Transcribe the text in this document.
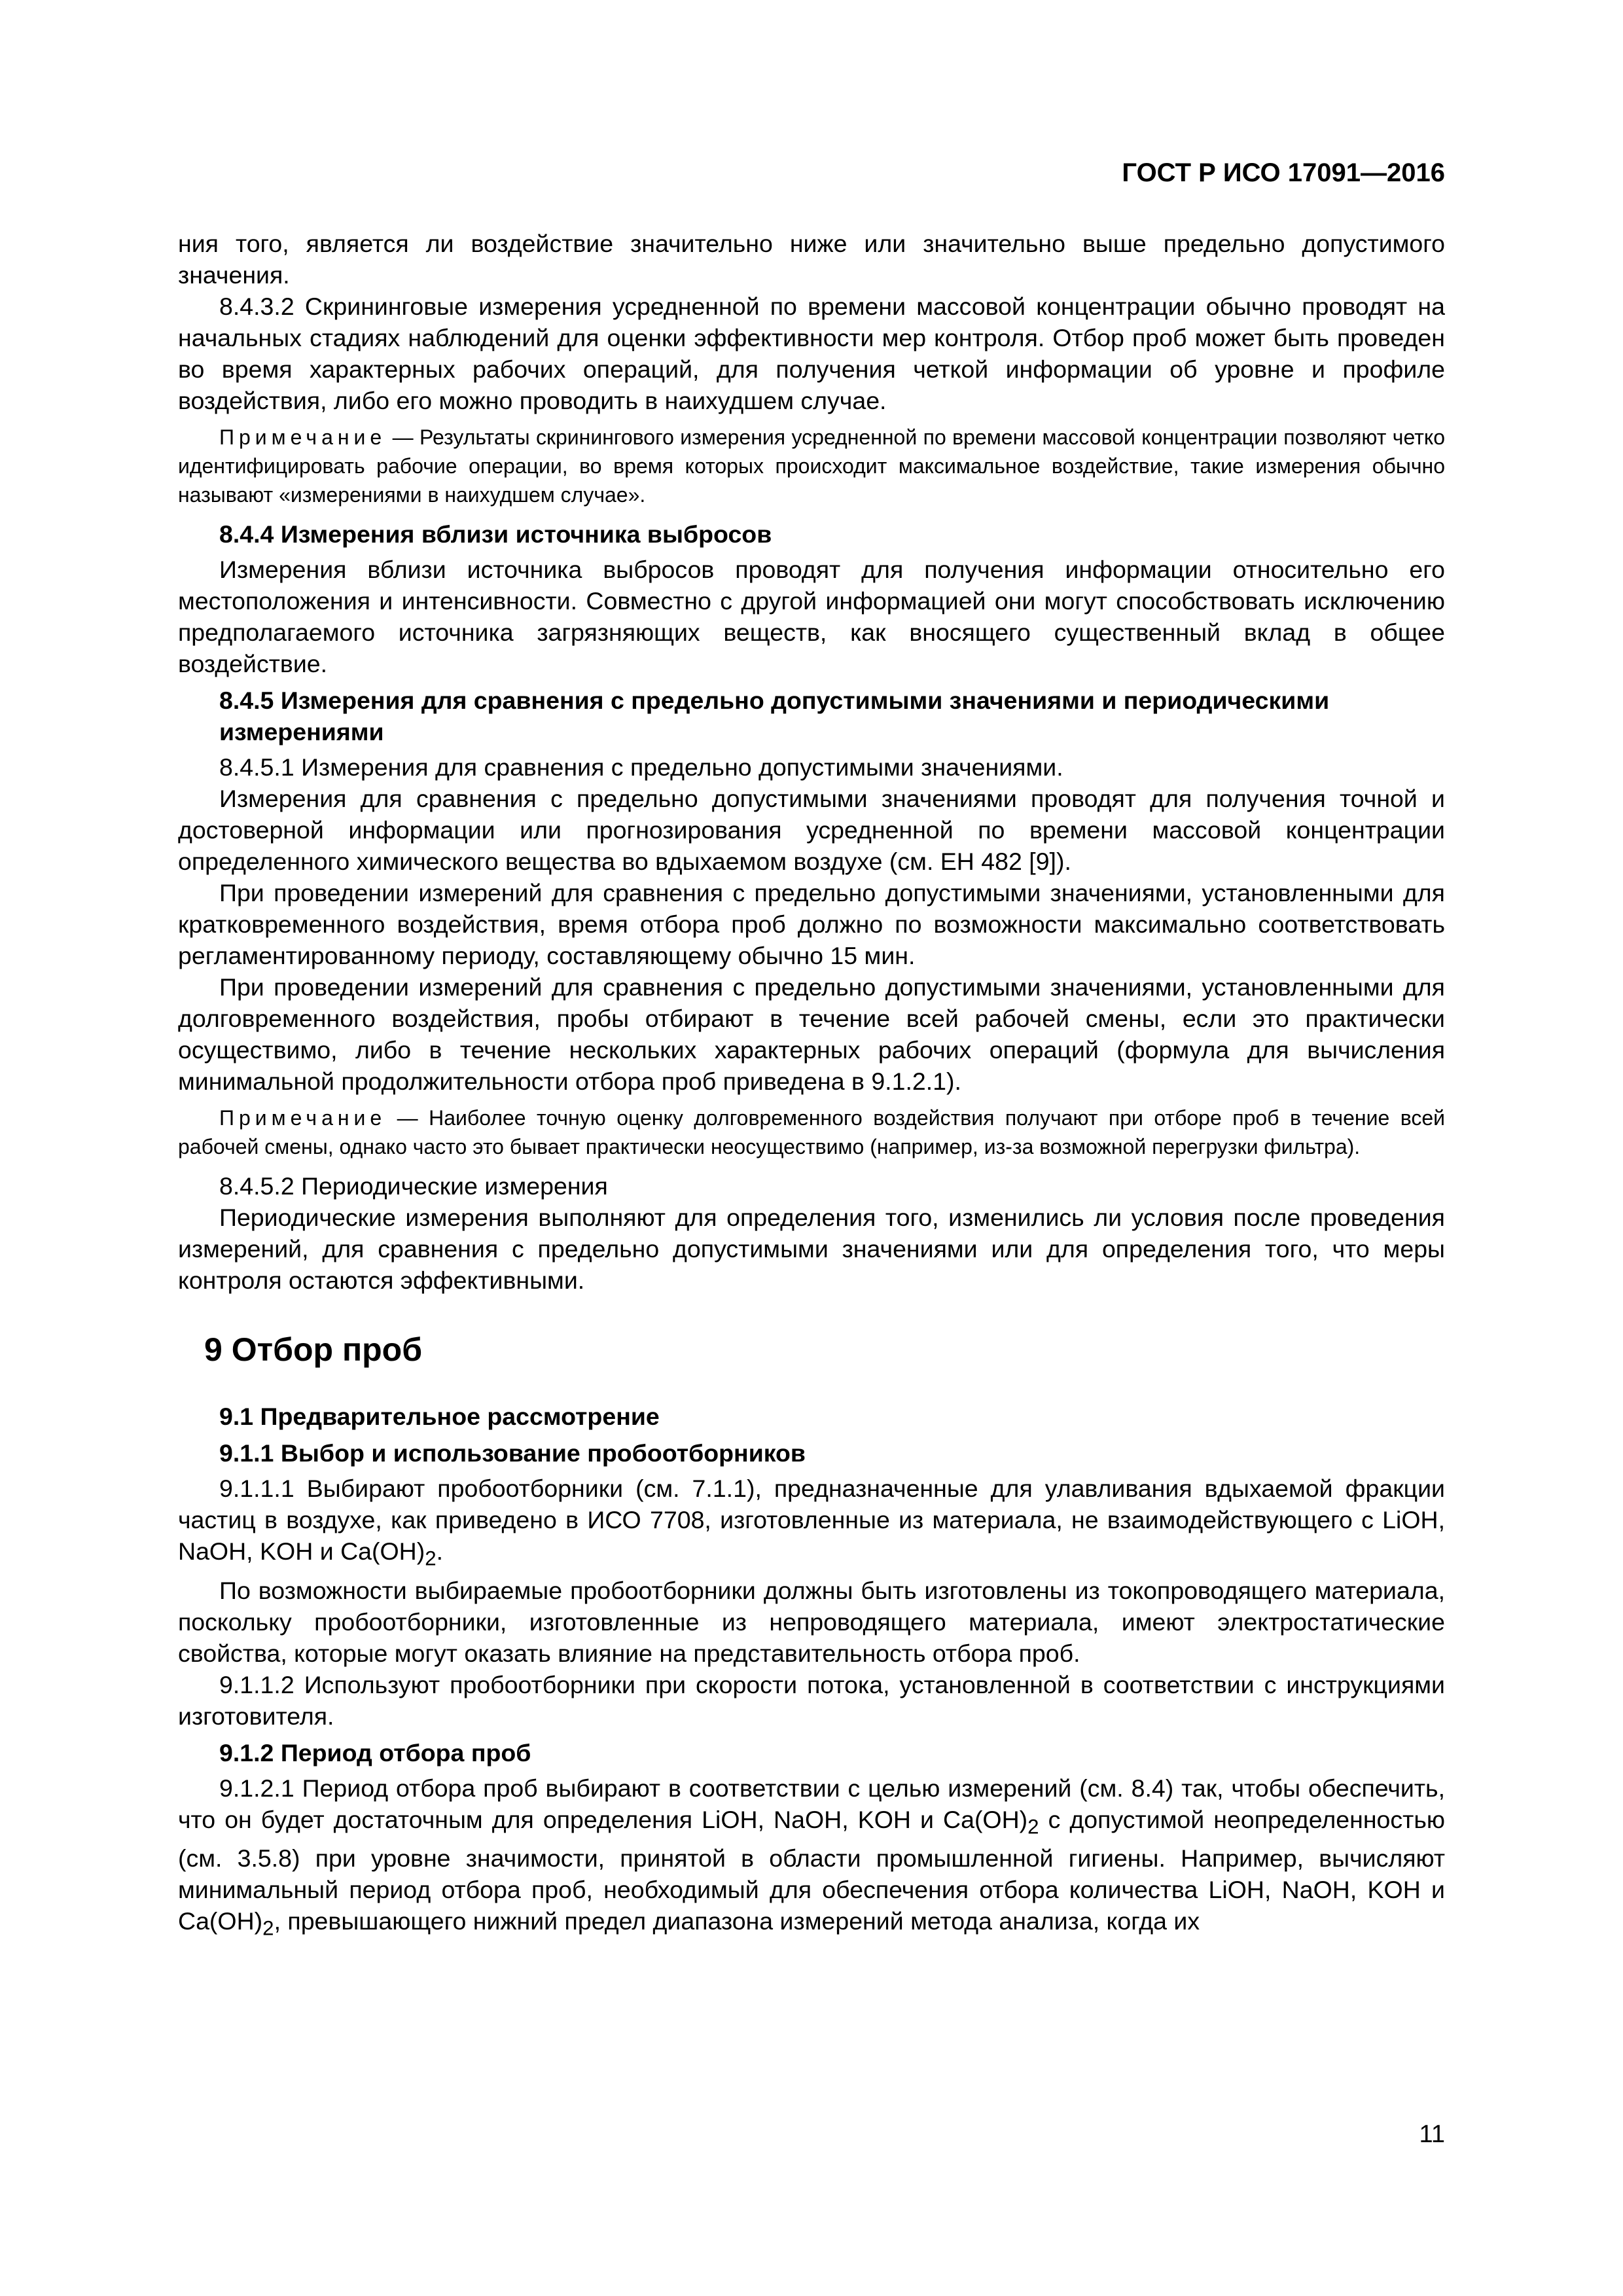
ГОСТ Р ИСО 17091—2016

ния того, является ли воздействие значительно ниже или значительно выше предельно допустимого значения.

8.4.3.2 Скрининговые измерения усредненной по времени массовой концентрации обычно проводят на начальных стадиях наблюдений для оценки эффективности мер контроля. Отбор проб может быть проведен во время характерных рабочих операций, для получения четкой информации об уровне и профиле воздействия, либо его можно проводить в наихудшем случае.

Примечание — Результаты скринингового измерения усредненной по времени массовой концентрации позволяют четко идентифицировать рабочие операции, во время которых происходит максимальное воздействие, такие измерения обычно называют «измерениями в наихудшем случае».

8.4.4 Измерения вблизи источника выбросов

Измерения вблизи источника выбросов проводят для получения информации относительно его местоположения и интенсивности. Совместно с другой информацией они могут способствовать исключению предполагаемого источника загрязняющих веществ, как вносящего существенный вклад в общее воздействие.

8.4.5 Измерения для сравнения с предельно допустимыми значениями и периодическими измерениями

8.4.5.1 Измерения для сравнения с предельно допустимыми значениями.

Измерения для сравнения с предельно допустимыми значениями проводят для получения точной и достоверной информации или прогнозирования усредненной по времени массовой концентрации определенного химического вещества во вдыхаемом воздухе (см. ЕН 482 [9]).

При проведении измерений для сравнения с предельно допустимыми значениями, установленными для кратковременного воздействия, время отбора проб должно по возможности максимально соответствовать регламентированному периоду, составляющему обычно 15 мин.

При проведении измерений для сравнения с предельно допустимыми значениями, установленными для долговременного воздействия, пробы отбирают в течение всей рабочей смены, если это практически осуществимо, либо в течение нескольких характерных рабочих операций (формула для вычисления минимальной продолжительности отбора проб приведена в 9.1.2.1).

Примечание — Наиболее точную оценку долговременного воздействия получают при отборе проб в течение всей рабочей смены, однако часто это бывает практически неосуществимо (например, из-за возможной перегрузки фильтра).

8.4.5.2 Периодические измерения

Периодические измерения выполняют для определения того, изменились ли условия после проведения измерений, для сравнения с предельно допустимыми значениями или для определения того, что меры контроля остаются эффективными.

9 Отбор проб
9.1 Предварительное рассмотрение
9.1.1 Выбор и использование пробоотборников

9.1.1.1 Выбирают пробоотборники (см. 7.1.1), предназначенные для улавливания вдыхаемой фракции частиц в воздухе, как приведено в ИСО 7708, изготовленные из материала, не взаимодействующего с LiOH, NaOH, KOH и $Ca(OH)_2$.

По возможности выбираемые пробоотборники должны быть изготовлены из токопроводящего материала, поскольку пробоотборники, изготовленные из непроводящего материала, имеют электростатические свойства, которые могут оказать влияние на представительность отбора проб.

9.1.1.2 Используют пробоотборники при скорости потока, установленной в соответствии с инструкциями изготовителя.

9.1.2 Период отбора проб

9.1.2.1 Период отбора проб выбирают в соответствии с целью измерений (см. 8.4) так, чтобы обеспечить, что он будет достаточным для определения LiOH, NaOH, KOH и $Ca(OH)_2$ с допустимой неопределенностью (см. 3.5.8) при уровне значимости, принятой в области промышленной гигиены. Например, вычисляют минимальный период отбора проб, необходимый для обеспечения отбора количества LiOH, NaOH, KOH и $Ca(OH)_2$, превышающего нижний предел диапазона измерений метода анализа, когда их

11
